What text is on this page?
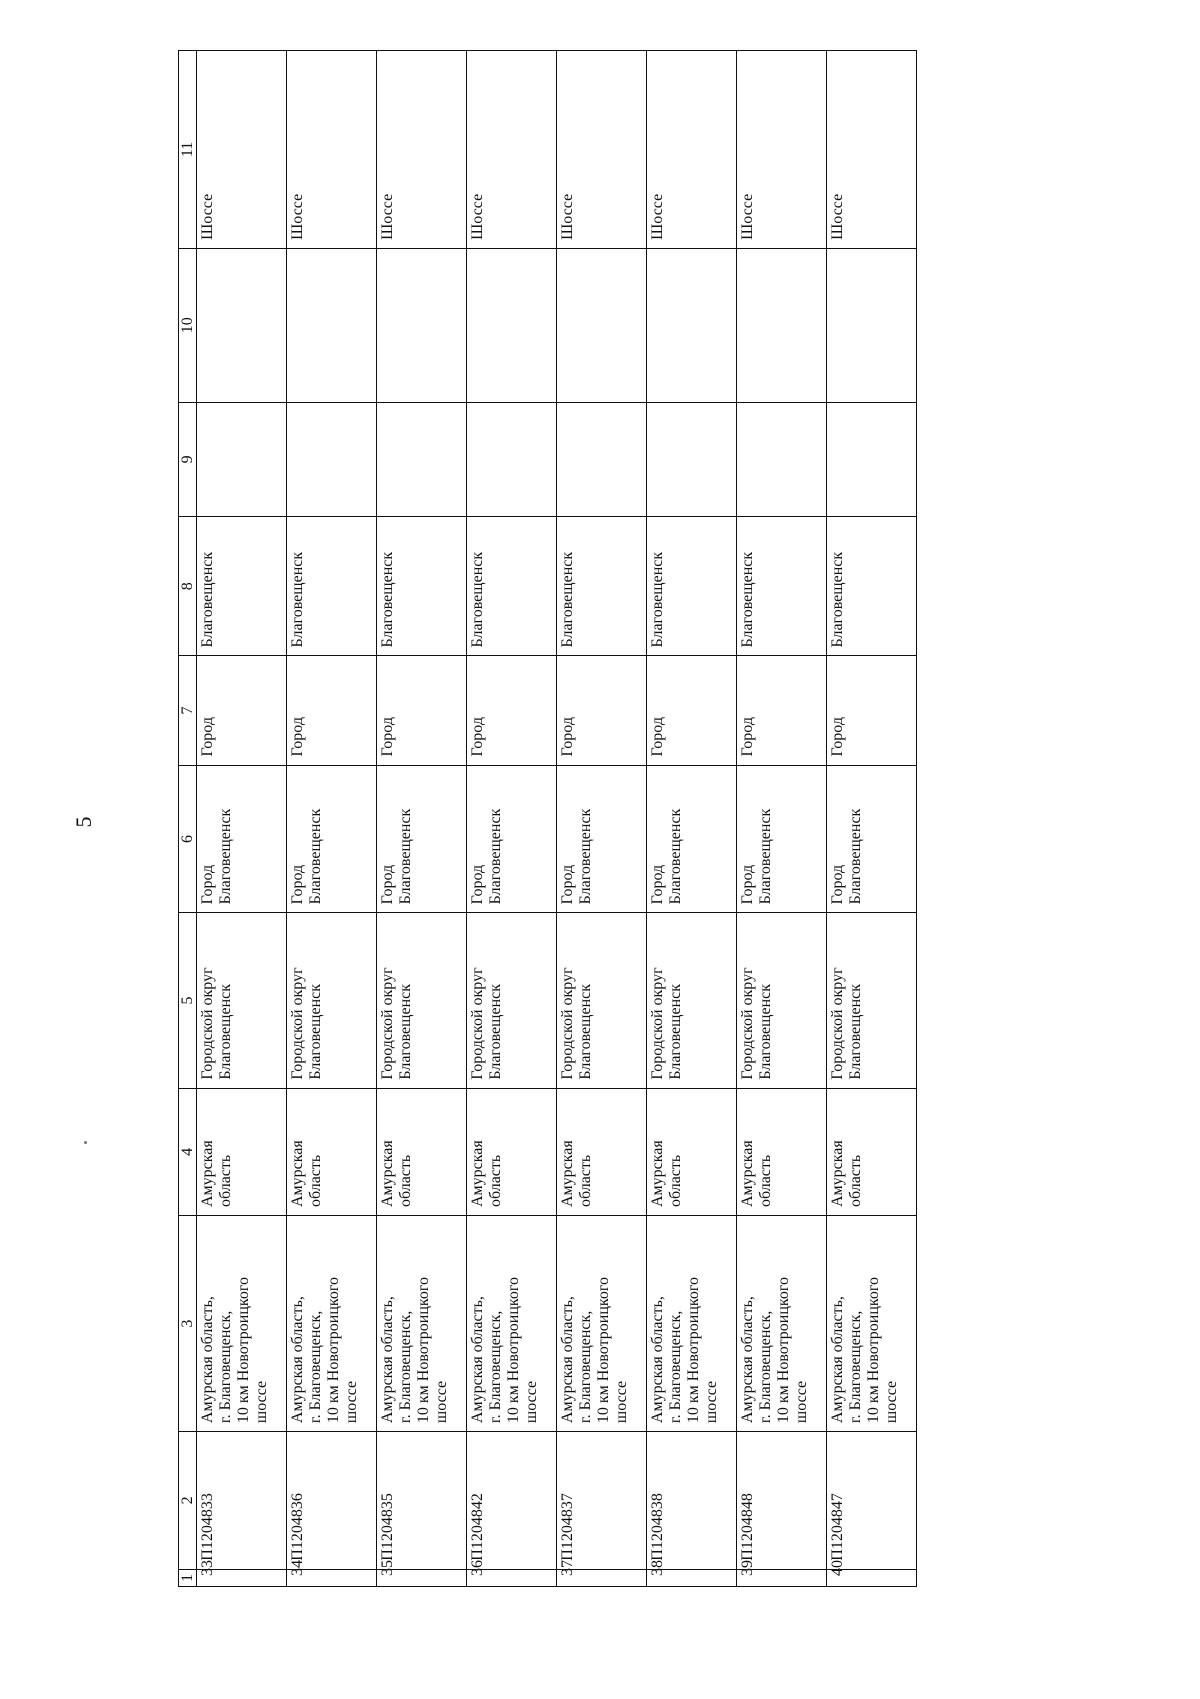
5
1	2	3	4	5	6	7	8	9	10	11
33	П1204833	Амурская область,
г. Благовещенск,
10 км Новотроицкого
шоссе	Амурская
область	Городской округ
Благовещенск	Город
Благовещенск	Город	Благовещенск			Шоссе
34	П1204836	Амурская область,
г. Благовещенск,
10 км Новотроицкого
шоссе	Амурская
область	Городской округ
Благовещенск	Город
Благовещенск	Город	Благовещенск			Шоссе
35	П1204835	Амурская область,
г. Благовещенск,
10 км Новотроицкого
шоссе	Амурская
область	Городской округ
Благовещенск	Город
Благовещенск	Город	Благовещенск			Шоссе
36	П1204842	Амурская область,
г. Благовещенск,
10 км Новотроицкого
шоссе	Амурская
область	Городской округ
Благовещенск	Город
Благовещенск	Город	Благовещенск			Шоссе
37	П1204837	Амурская область,
г. Благовещенск,
10 км Новотроицкого
шоссе	Амурская
область	Городской округ
Благовещенск	Город
Благовещенск	Город	Благовещенск			Шоссе
38	П1204838	Амурская область,
г. Благовещенск,
10 км Новотроицкого
шоссе	Амурская
область	Городской округ
Благовещенск	Город
Благовещенск	Город	Благовещенск			Шоссе
39	П1204848	Амурская область,
г. Благовещенск,
10 км Новотроицкого
шоссе	Амурская
область	Городской округ
Благовещенск	Город
Благовещенск	Город	Благовещенск			Шоссе
40	П1204847	Амурская область,
г. Благовещенск,
10 км Новотроицкого
шоссе	Амурская
область	Городской округ
Благовещенск	Город
Благовещенск	Город	Благовещенск			Шоссе
